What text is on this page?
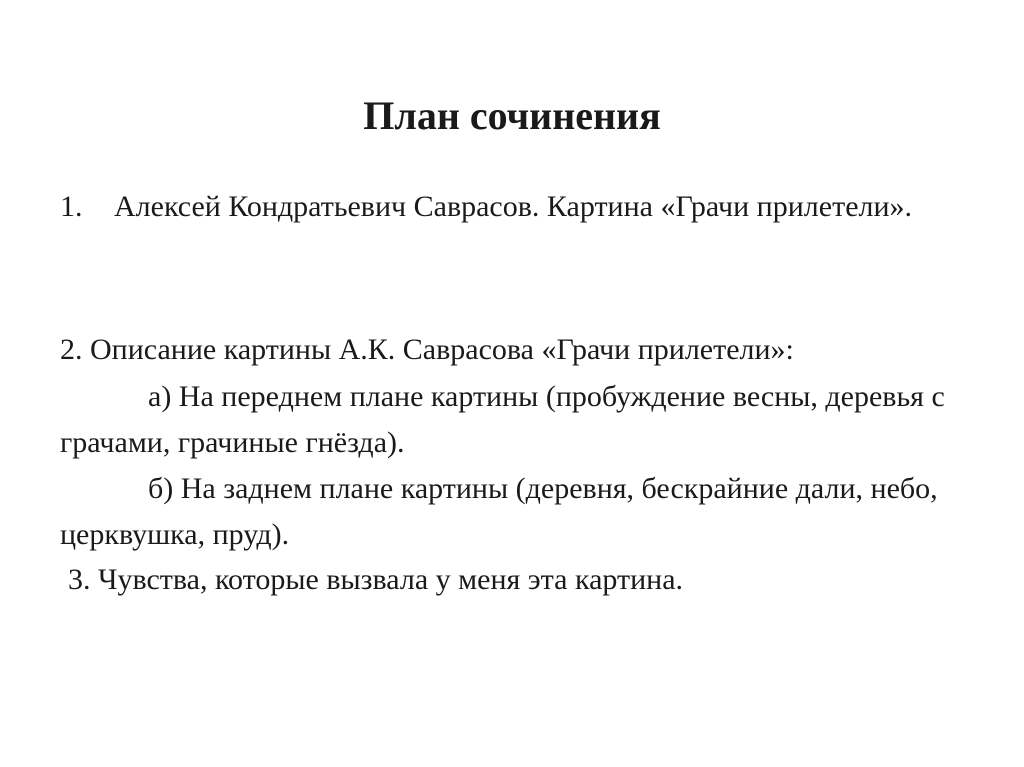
План сочинения
1.	Алексей Кондратьевич Саврасов. Картина «Грачи прилетели».

2. Описание картины А.К. Саврасова «Грачи прилетели»:

а) На переднем плане картины (пробуждение весны, деревья с грачами, грачиные гнёзда).

б) На заднем плане картины (деревня, бескрайние дали, небо, церквушка, пруд).

3. Чувства, которые вызвала у меня эта картина.
